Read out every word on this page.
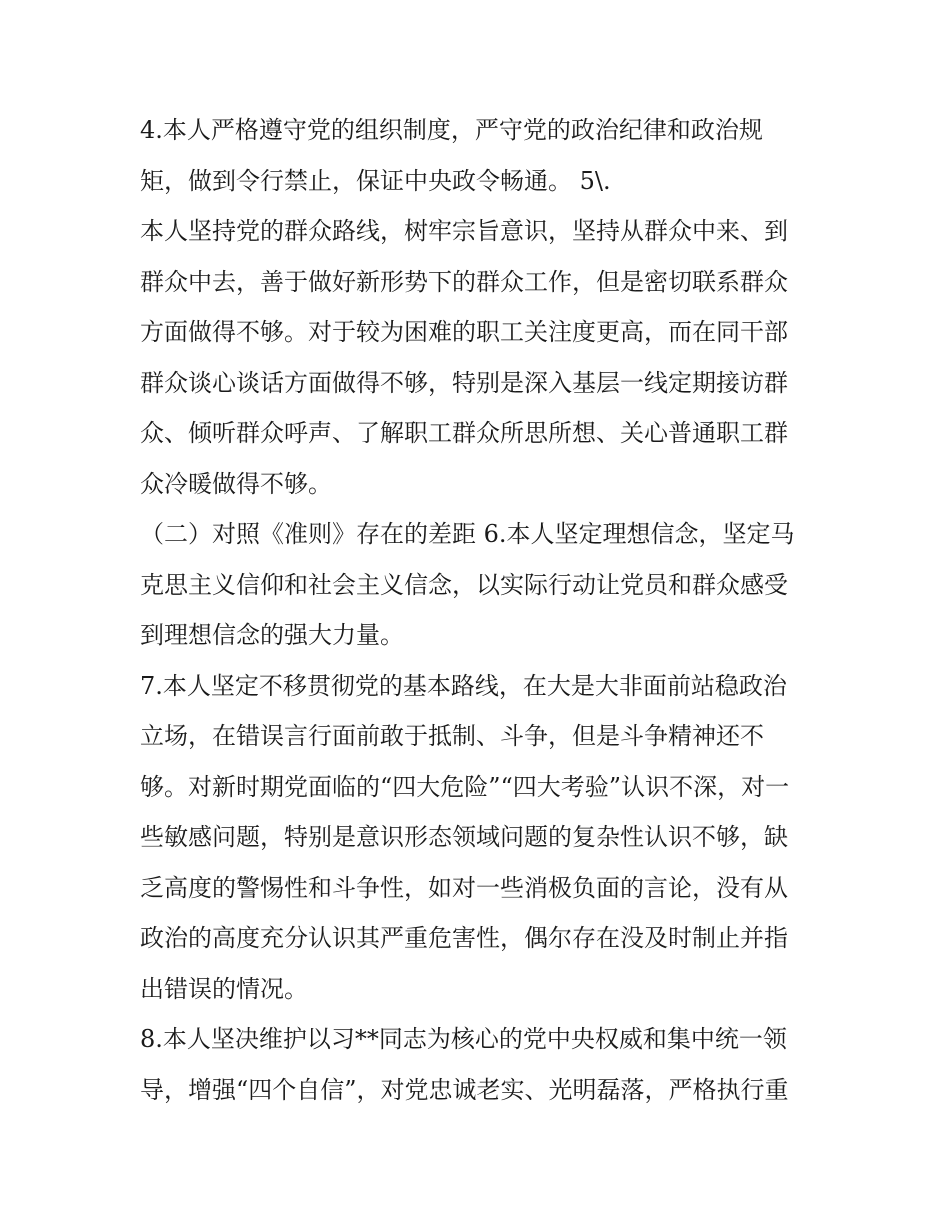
4.本人严格遵守党的组织制度，严守党的政治纪律和政治规
矩，做到令行禁止，保证中央政令畅通。 5\.
本人坚持党的群众路线，树牢宗旨意识，坚持从群众中来、到
群众中去，善于做好新形势下的群众工作，但是密切联系群众
方面做得不够。对于较为困难的职工关注度更高，而在同干部
群众谈心谈话方面做得不够，特别是深入基层一线定期接访群
众、倾听群众呼声、了解职工群众所思所想、关心普通职工群
众冷暖做得不够。
（二）对照《准则》存在的差距 6.本人坚定理想信念，坚定马
克思主义信仰和社会主义信念，以实际行动让党员和群众感受
到理想信念的强大力量。
7.本人坚定不移贯彻党的基本路线，在大是大非面前站稳政治
立场，在错误言行面前敢于抵制、斗争，但是斗争精神还不
够。对新时期党面临的“四大危险”“四大考验”认识不深，对一
些敏感问题，特别是意识形态领域问题的复杂性认识不够，缺
乏高度的警惕性和斗争性，如对一些消极负面的言论，没有从
政治的高度充分认识其严重危害性，偶尔存在没及时制止并指
出错误的情况。
8.本人坚决维护以习**同志为核心的党中央权威和集中统一领
导，增强“四个自信”，对党忠诚老实、光明磊落，严格执行重
